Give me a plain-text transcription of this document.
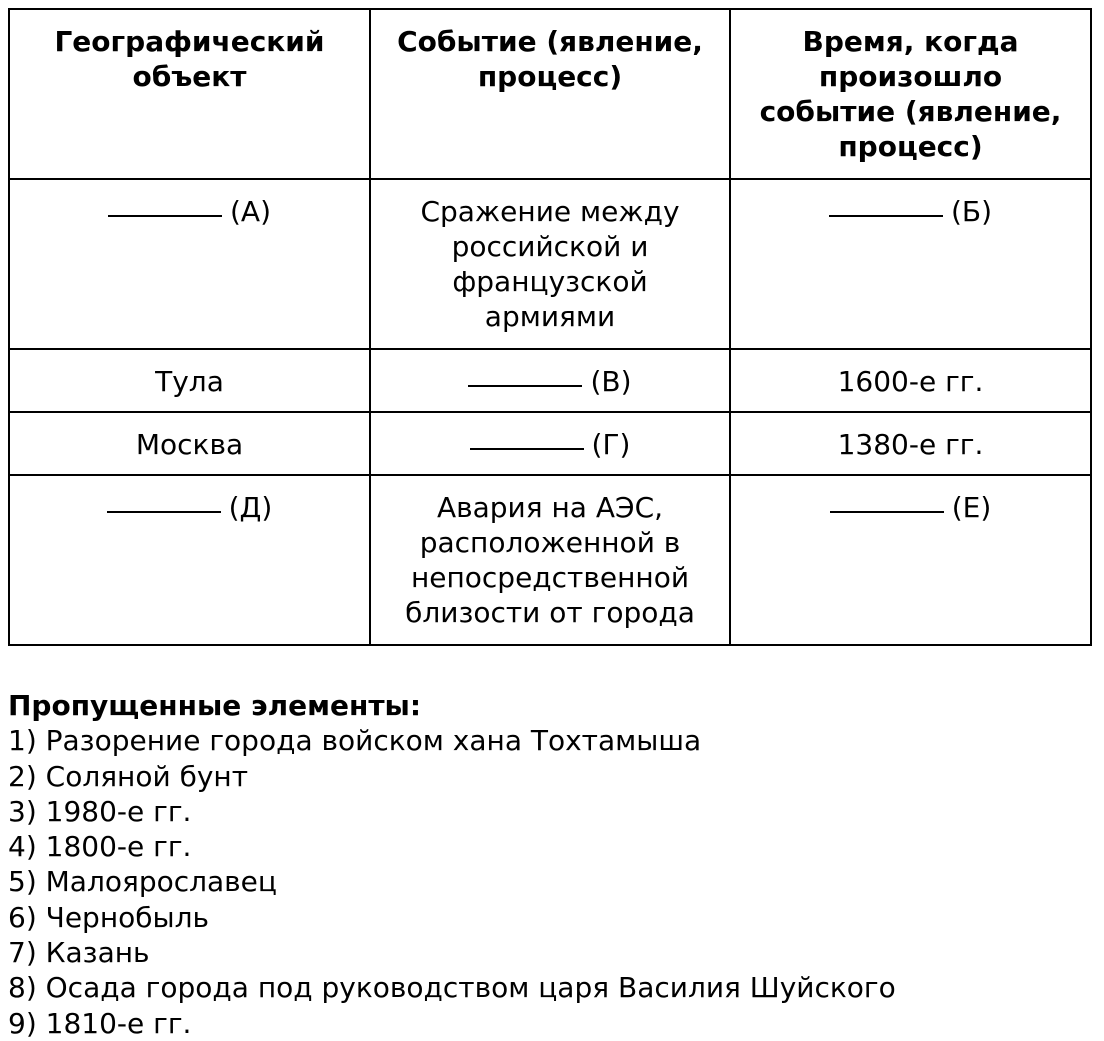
Географический объект	Событие (явление, процесс)	Время, когда произошло событие (явление, процесс)
(А)	Сражение между российской и французской армиями	(Б)
Тула	(В)	1600-е гг.
Москва	(Г)	1380-е гг.
(Д)	Авария на АЭС, расположенной в непосредственной близости от города	(Е)
Пропущенные элементы:
1) Разорение города войском хана Тохтамыша
2) Соляной бунт
3) 1980-е гг.
4) 1800-е гг.
5) Малоярославец
6) Чернобыль
7) Казань
8) Осада города под руководством царя Василия Шуйского
9) 1810-е гг.
